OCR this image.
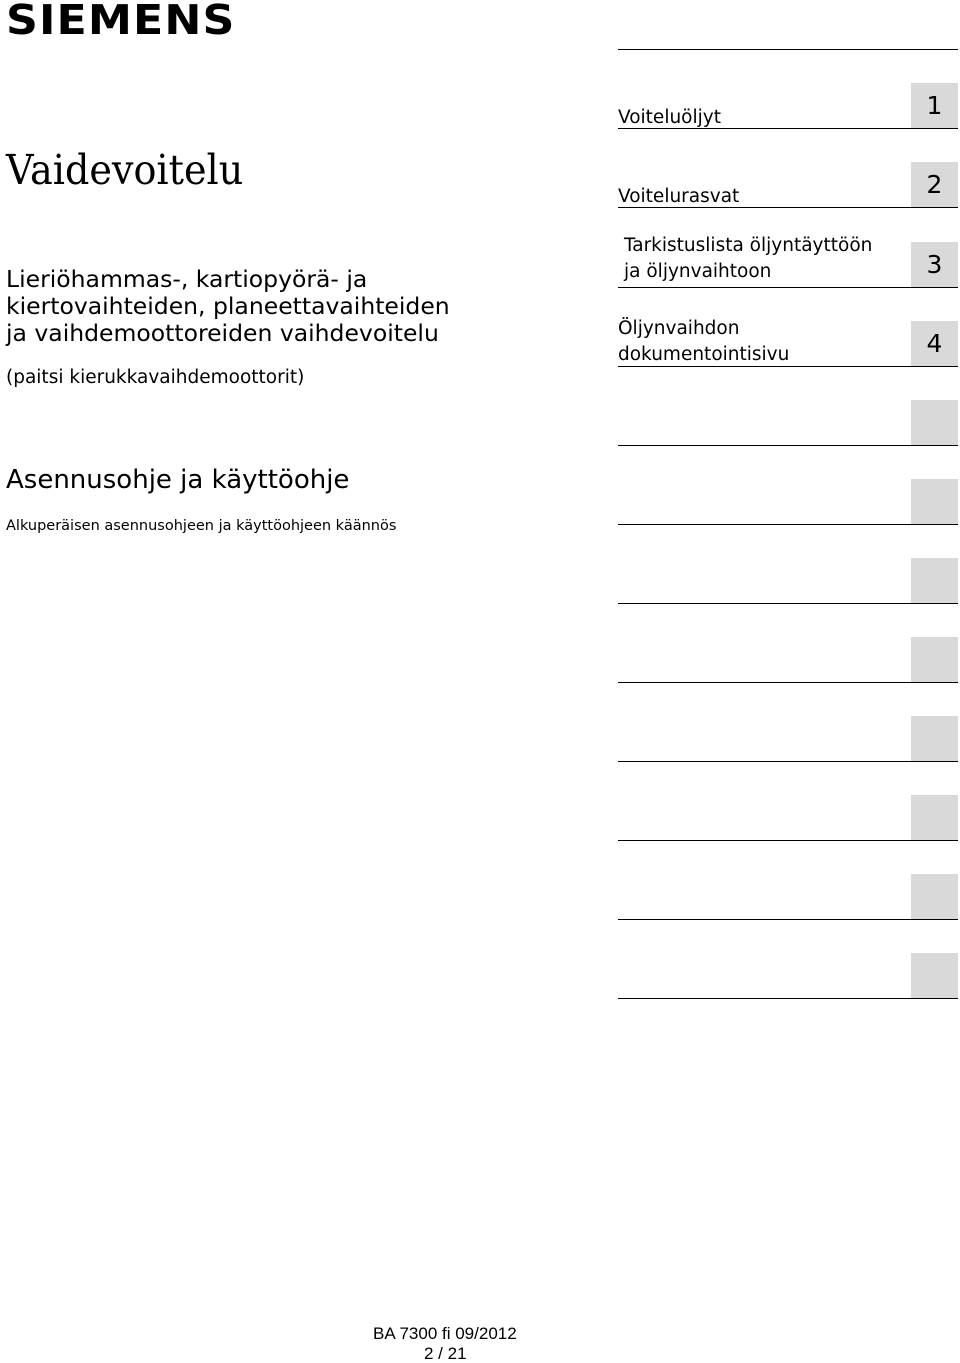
SIEMENS
Vaidevoitelu
Lieriöhammas-, kartiopyörä- ja
kiertovaihteiden, planeettavaihteiden
ja vaihdemoottoreiden vaihdevoitelu
(paitsi kierukkavaihdemoottorit)
Asennusohje ja käyttöohje
Alkuperäisen asennusohjeen ja käyttöohjeen käännös
1
Voiteluöljyt
2
Voitelurasvat
3
Tarkistuslista öljyntäyttöön
ja öljynvaihtoon
4
Öljynvaihdon
dokumentointisivu
BA 7300 fi 09/2012
2 / 21
